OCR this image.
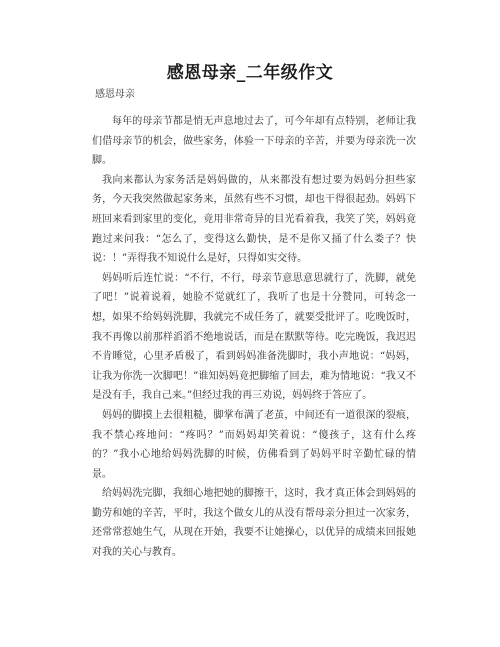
感恩母亲_二年级作文
感恩母亲

每年的母亲节都是悄无声息地过去了，可今年却有点特别，老师让我们借母亲节的机会，做些家务，体验一下母亲的辛苦，并要为母亲洗一次脚。

我向来都认为家务活是妈妈做的，从来都没有想过要为妈妈分担些家务，今天我突然做起家务来，虽然有些不习惯，却也干得很起劲。妈妈下班回来看到家里的变化，竟用非常奇异的目光看着我，我笑了笑，妈妈竟跑过来问我：“怎么了，变得这么勤快，是不是你又捅了什么娄子？快说：！”弄得我不知说什么是好，只得如实交待。

妈妈听后连忙说：“不行，不行，母亲节意思意思就行了，洗脚，就免了吧！”说着说着，她脸不觉就红了，我听了也是十分赞同，可转念一想，如果不给妈妈洗脚，我就完不成任务了，就要受批评了。吃晚饭时，我不再像以前那样滔滔不绝地说话，而是在默默等待。吃完晚饭，我迟迟不肯睡觉，心里矛盾极了，看到妈妈准备洗脚时，我小声地说：“妈妈，让我为你洗一次脚吧！”谁知妈妈竟把脚缩了回去，难为情地说：“我又不是没有手，我自己来。”但经过我的再三劝说，妈妈终于答应了。

妈妈的脚摸上去很粗糙，脚掌布满了老茧，中间还有一道很深的裂痕，我不禁心疼地问：“疼吗？”而妈妈却笑着说：“傻孩子，这有什么疼的？”我小心地给妈妈洗脚的时候，仿佛看到了妈妈平时辛勤忙碌的情景。

给妈妈洗完脚，我细心地把她的脚擦干，这时，我才真正体会到妈妈的勤劳和她的辛苦，平时，我这个做女儿的从没有帮母亲分担过一次家务，还常常惹她生气，从现在开始，我要不让她操心，以优异的成绩来回报她对我的关心与教育。
